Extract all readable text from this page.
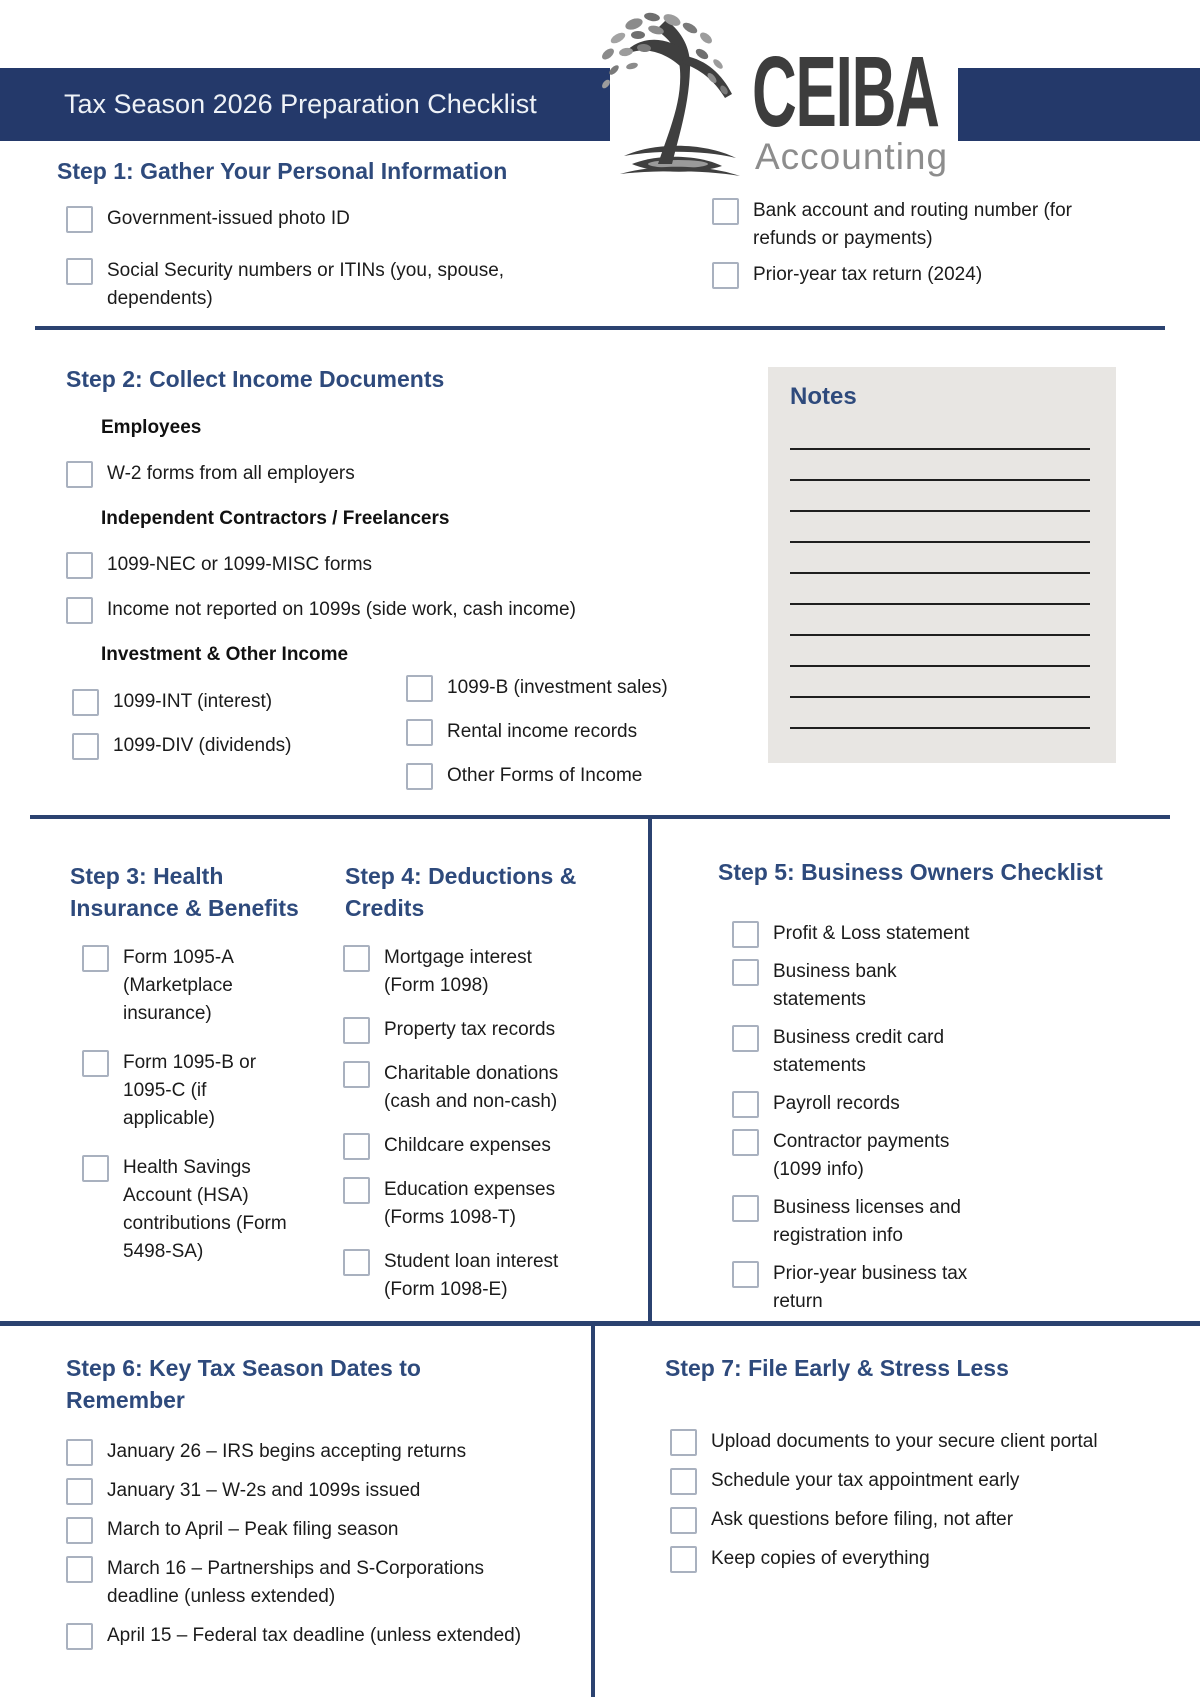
Tax Season 2026 Preparation Checklist CEIBA
Accounting
Step 1: Gather Your Personal Information
Government-issued photo ID
Social Security numbers or ITINs (you, spouse,
dependents)
Bank account and routing number (for
refunds or payments)
Prior-year tax return (2024)
Step 2: Collect Income Documents
Employees
W-2 forms from all employers
Independent Contractors / Freelancers
1099-NEC or 1099-MISC forms
Income not reported on 1099s (side work, cash income)
Investment & Other Income
1099-INT (interest)
1099-DIV (dividends)
1099-B (investment sales)
Rental income records
Other Forms of Income
Notes
Step 3: Health
Insurance & Benefits
Form 1095-A
(Marketplace
insurance)
Form 1095-B or
1095-C (if
applicable)
Health Savings
Account (HSA)
contributions (Form
5498-SA)
Step 4: Deductions &
Credits
Mortgage interest
(Form 1098)
Property tax records
Charitable donations
(cash and non-cash)
Childcare expenses
Education expenses
(Forms 1098-T)
Student loan interest
(Form 1098-E)
Step 5: Business Owners Checklist
Profit & Loss statement
Business bank
statements
Business credit card
statements
Payroll records
Contractor payments
(1099 info)
Business licenses and
registration info
Prior-year business tax
return
Step 6: Key Tax Season Dates to
Remember
January 26 – IRS begins accepting returns
January 31 – W-2s and 1099s issued
March to April – Peak filing season
March 16 – Partnerships and S-Corporations
deadline (unless extended)
April 15 – Federal tax deadline (unless extended)
Step 7: File Early & Stress Less
Upload documents to your secure client portal
Schedule your tax appointment early
Ask questions before filing, not after
Keep copies of everything
